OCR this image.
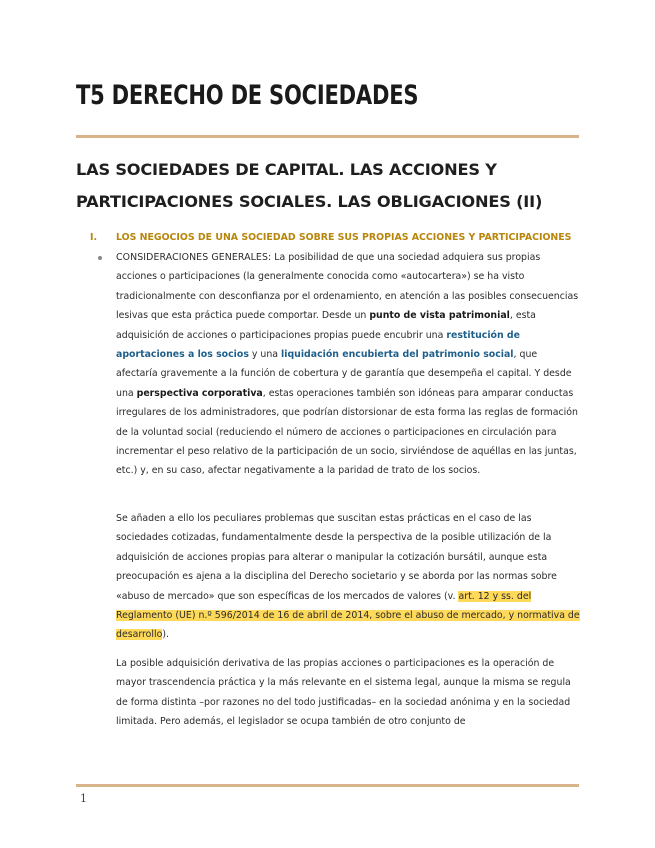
T5 DERECHO DE SOCIEDADES
LAS SOCIEDADES DE CAPITAL. LAS ACCIONES Y
PARTICIPACIONES SOCIALES. LAS OBLIGACIONES (II)
I. LOS NEGOCIOS DE UNA SOCIEDAD SOBRE SUS PROPIAS ACCIONES Y PARTICIPACIONES
CONSIDERACIONES GENERALES: La posibilidad de que una sociedad adquiera sus propias acciones o participaciones (la generalmente conocida como «autocartera») se ha visto tradicionalmente con desconfianza por el ordenamiento, en atención a las posibles consecuencias lesivas que esta práctica puede comportar. Desde un punto de vista patrimonial, esta adquisición de acciones o participaciones propias puede encubrir una restitución de aportaciones a los socios y una liquidación encubierta del patrimonio social, que afectaría gravemente a la función de cobertura y de garantía que desempeña el capital. Y desde una perspectiva corporativa, estas operaciones también son idóneas para amparar conductas irregulares de los administradores, que podrían distorsionar de esta forma las reglas de formación de la voluntad social (reduciendo el número de acciones o participaciones en circulación para incrementar el peso relativo de la participación de un socio, sirviéndose de aquéllas en las juntas, etc.) y, en su caso, afectar negativamente a la paridad de trato de los socios.
Se añaden a ello los peculiares problemas que suscitan estas prácticas en el caso de las sociedades cotizadas, fundamentalmente desde la perspectiva de la posible utilización de la adquisición de acciones propias para alterar o manipular la cotización bursátil, aunque esta preocupación es ajena a la disciplina del Derecho societario y se aborda por las normas sobre «abuso de mercado» que son específicas de los mercados de valores (v. art. 12 y ss. del Reglamento (UE) n.º 596/2014 de 16 de abril de 2014, sobre el abuso de mercado, y normativa de desarrollo).
La posible adquisición derivativa de las propias acciones o participaciones es la operación de mayor trascendencia práctica y la más relevante en el sistema legal, aunque la misma se regula de forma distinta –por razones no del todo justificadas– en la sociedad anónima y en la sociedad limitada. Pero además, el legislador se ocupa también de otro conjunto de
1
